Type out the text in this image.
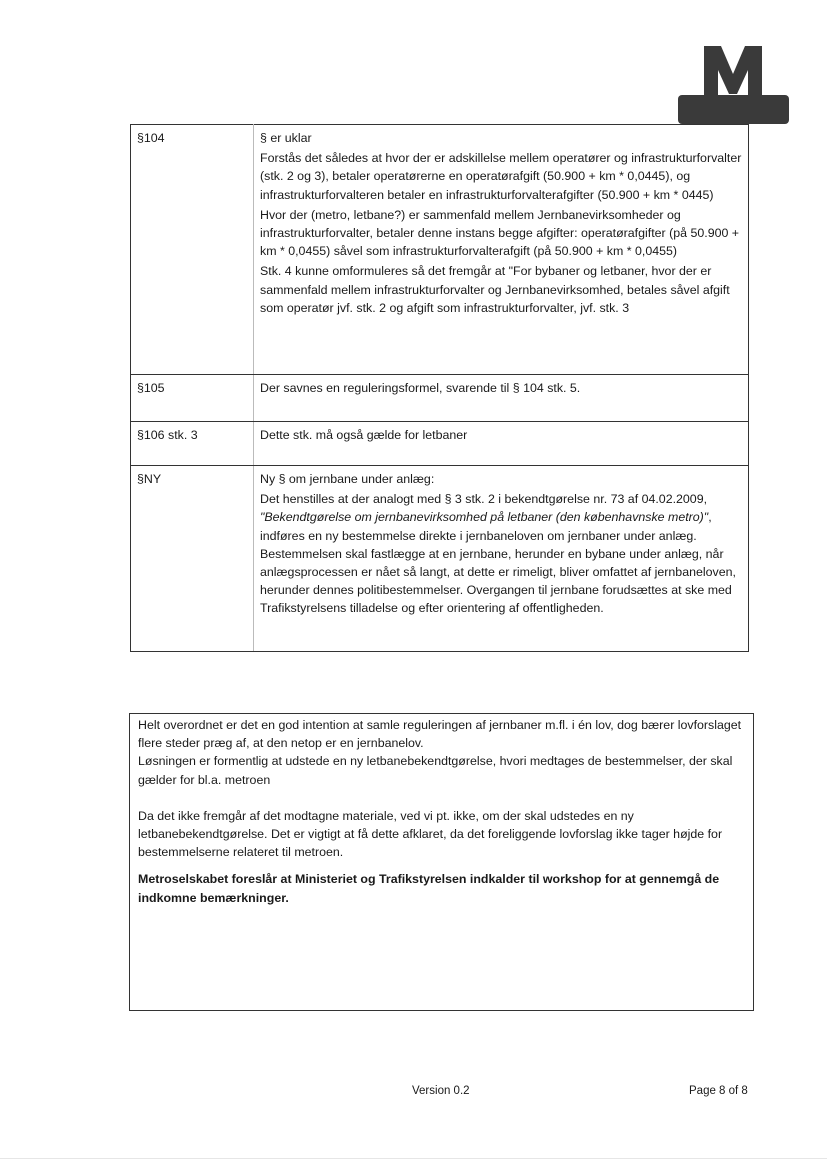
§104	§ er uklar

Forstås det således at hvor der er adskillelse mellem operatører og infrastrukturforvalter (stk. 2 og 3), betaler operatørerne en operatørafgift (50.900 + km * 0,0445), og infrastrukturforvalteren betaler en infrastrukturforvalterafgifter (50.900 + km * 0445)

Hvor der (metro, letbane?) er sammenfald mellem Jernbanevirksomheder og infrastrukturforvalter, betaler denne instans begge afgifter: operatørafgifter (på 50.900 + km * 0,0455) såvel som infrastrukturforvalterafgift (på 50.900 + km * 0,0455)

Stk. 4 kunne omformuleres så det fremgår at "For bybaner og letbaner, hvor der er sammenfald mellem infrastrukturforvalter og Jernbanevirksomhed, betales såvel afgift som operatør jvf. stk. 2 og afgift som infrastrukturforvalter, jvf. stk. 3

§105	Der savnes en reguleringsformel, svarende til § 104 stk. 5.

§106 stk. 3	Dette stk. må også gælde for letbaner

§NY	Ny § om jernbane under anlæg:

Det henstilles at der analogt med § 3 stk. 2 i bekendtgørelse nr. 73 af 04.02.2009, "Bekendtgørelse om jernbanevirksomhed på letbaner (den københavnske metro)", indføres en ny bestemmelse direkte i jernbaneloven om jernbaner under anlæg. Bestemmelsen skal fastlægge at en jernbane, herunder en bybane under anlæg, når anlægsprocessen er nået så langt, at dette er rimeligt, bliver omfattet af jernbaneloven, herunder dennes politibestemmelser. Overgangen til jernbane forudsættes at ske med Trafikstyrelsens tilladelse og efter orientering af offentligheden.

Helt overordnet er det en god intention at samle reguleringen af jernbaner m.fl. i én lov, dog bærer lovforslaget flere steder præg af, at den netop er en jernbanelov.

Løsningen er formentlig at udstede en ny letbanebekendtgørelse, hvori medtages de bestemmelser, der skal gælder for bl.a. metroen

Da det ikke fremgår af det modtagne materiale, ved vi pt. ikke, om der skal udstedes en ny letbanebekendtgørelse. Det er vigtigt at få dette afklaret, da det foreliggende lovforslag ikke tager højde for bestemmelserne relateret til metroen.

Metroselskabet foreslår at Ministeriet og Trafikstyrelsen indkalder til workshop for at gennemgå de indkomne bemærkninger.

Version 0.2	Page 8 of 8
